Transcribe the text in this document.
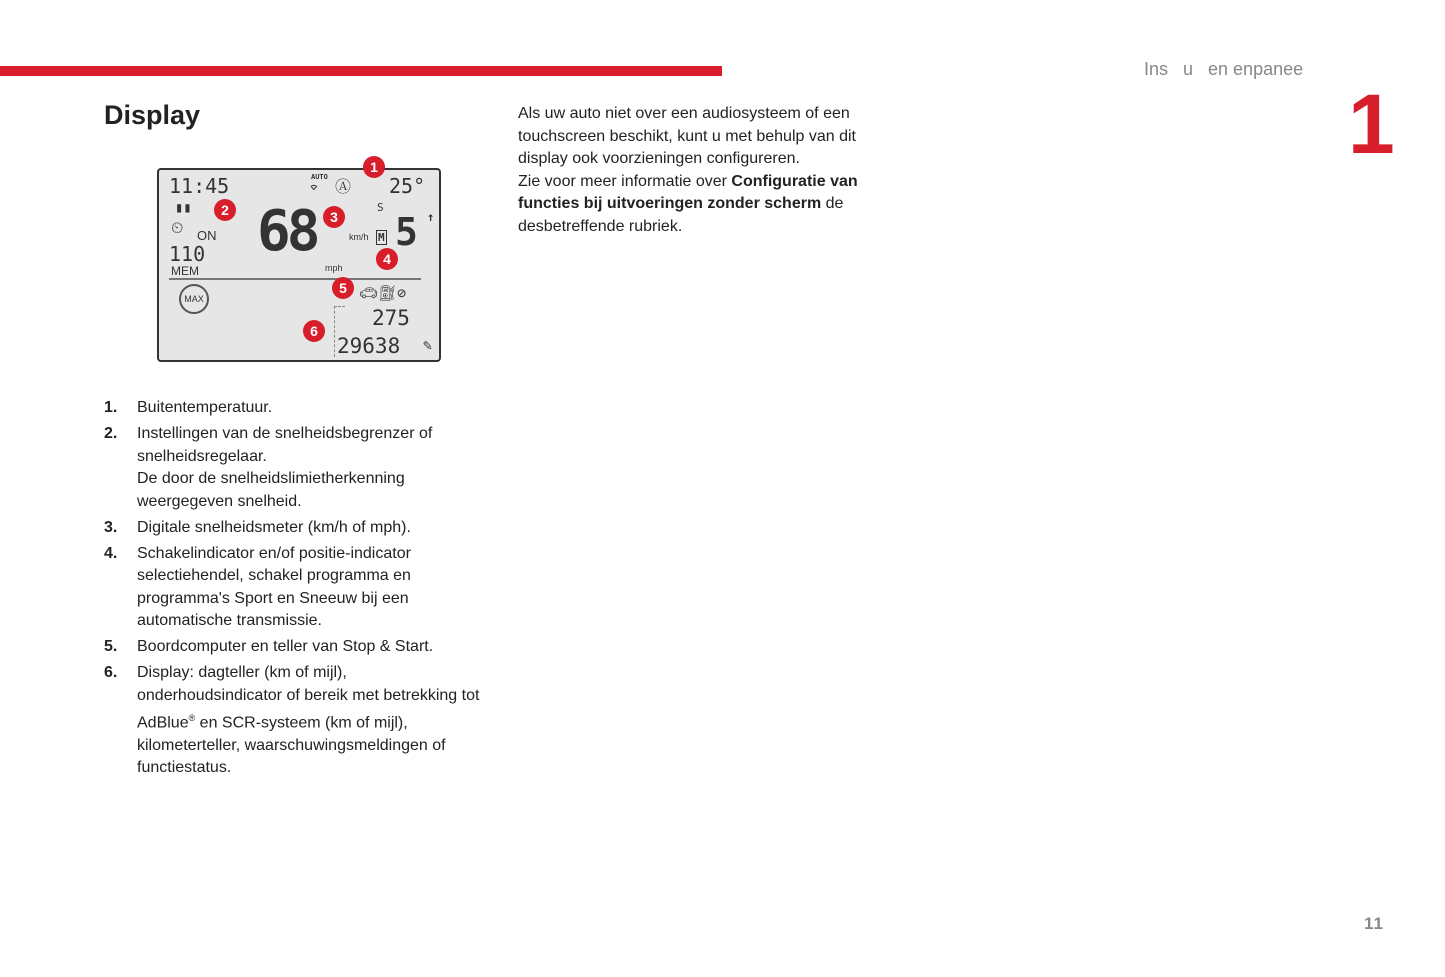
Ins   u   en enpanee
1
11
Display
11:45	AUTO
⌔ Ⓐ 25°
▮▮
⏲ ON
110
MEM
MAX
68	km/h
mph
S
M 5 ↑
🚗︎⛽︎⊘
275
29638 ✎
1
2	3
4
5
6
1. Buitentemperatuur.
2. Instellingen van de snelheidsbegrenzer of snelheidsregelaar.
De door de snelheidslimietherkenning weergegeven snelheid.
3. Digitale snelheidsmeter (km/h of mph).
4. Schakelindicator en/of positie-indicator selectiehendel, schakel programma en programma's Sport en Sneeuw bij een automatische transmissie.
5. Boordcomputer en teller van Stop & Start.
6. Display: dagteller (km of mijl), onderhoudsindicator of bereik met betrekking tot AdBlue® en SCR-systeem (km of mijl), kilometerteller, waarschuwingsmeldingen of functiestatus.
Als uw auto niet over een audiosysteem of een touchscreen beschikt, kunt u met behulp van dit display ook voorzieningen configureren.
Zie voor meer informatie over Configuratie van functies bij uitvoeringen zonder scherm de desbetreffende rubriek.
